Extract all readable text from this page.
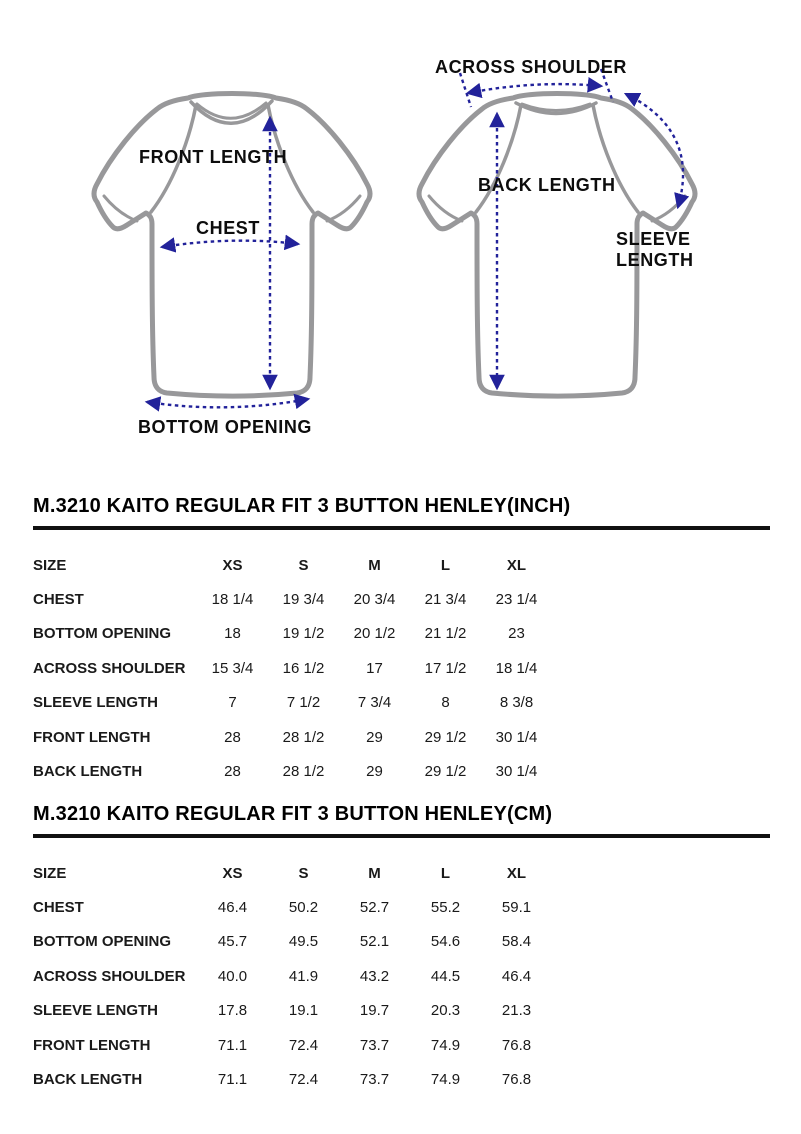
FRONT LENGTH
CHEST
BOTTOM OPENING
ACROSS SHOULDER
BACK LENGTH
SLEEVE
LENGTH
M.3210 KAITO REGULAR FIT 3 BUTTON HENLEY(INCH)
SIZE	XS	S	M	L	XL
CHEST	18 1/4	19 3/4	20 3/4	21 3/4	23 1/4
BOTTOM OPENING	18	19 1/2	20 1/2	21 1/2	23
ACROSS SHOULDER	15 3/4	16 1/2	17	17 1/2	18 1/4
SLEEVE LENGTH	7	7 1/2	7 3/4	8	8 3/8
FRONT LENGTH	28	28 1/2	29	29 1/2	30 1/4
BACK LENGTH	28	28 1/2	29	29 1/2	30 1/4
M.3210 KAITO REGULAR FIT 3 BUTTON HENLEY(CM)
SIZE	XS	S	M	L	XL
CHEST	46.4	50.2	52.7	55.2	59.1
BOTTOM OPENING	45.7	49.5	52.1	54.6	58.4
ACROSS SHOULDER	40.0	41.9	43.2	44.5	46.4
SLEEVE LENGTH	17.8	19.1	19.7	20.3	21.3
FRONT LENGTH	71.1	72.4	73.7	74.9	76.8
BACK LENGTH	71.1	72.4	73.7	74.9	76.8
